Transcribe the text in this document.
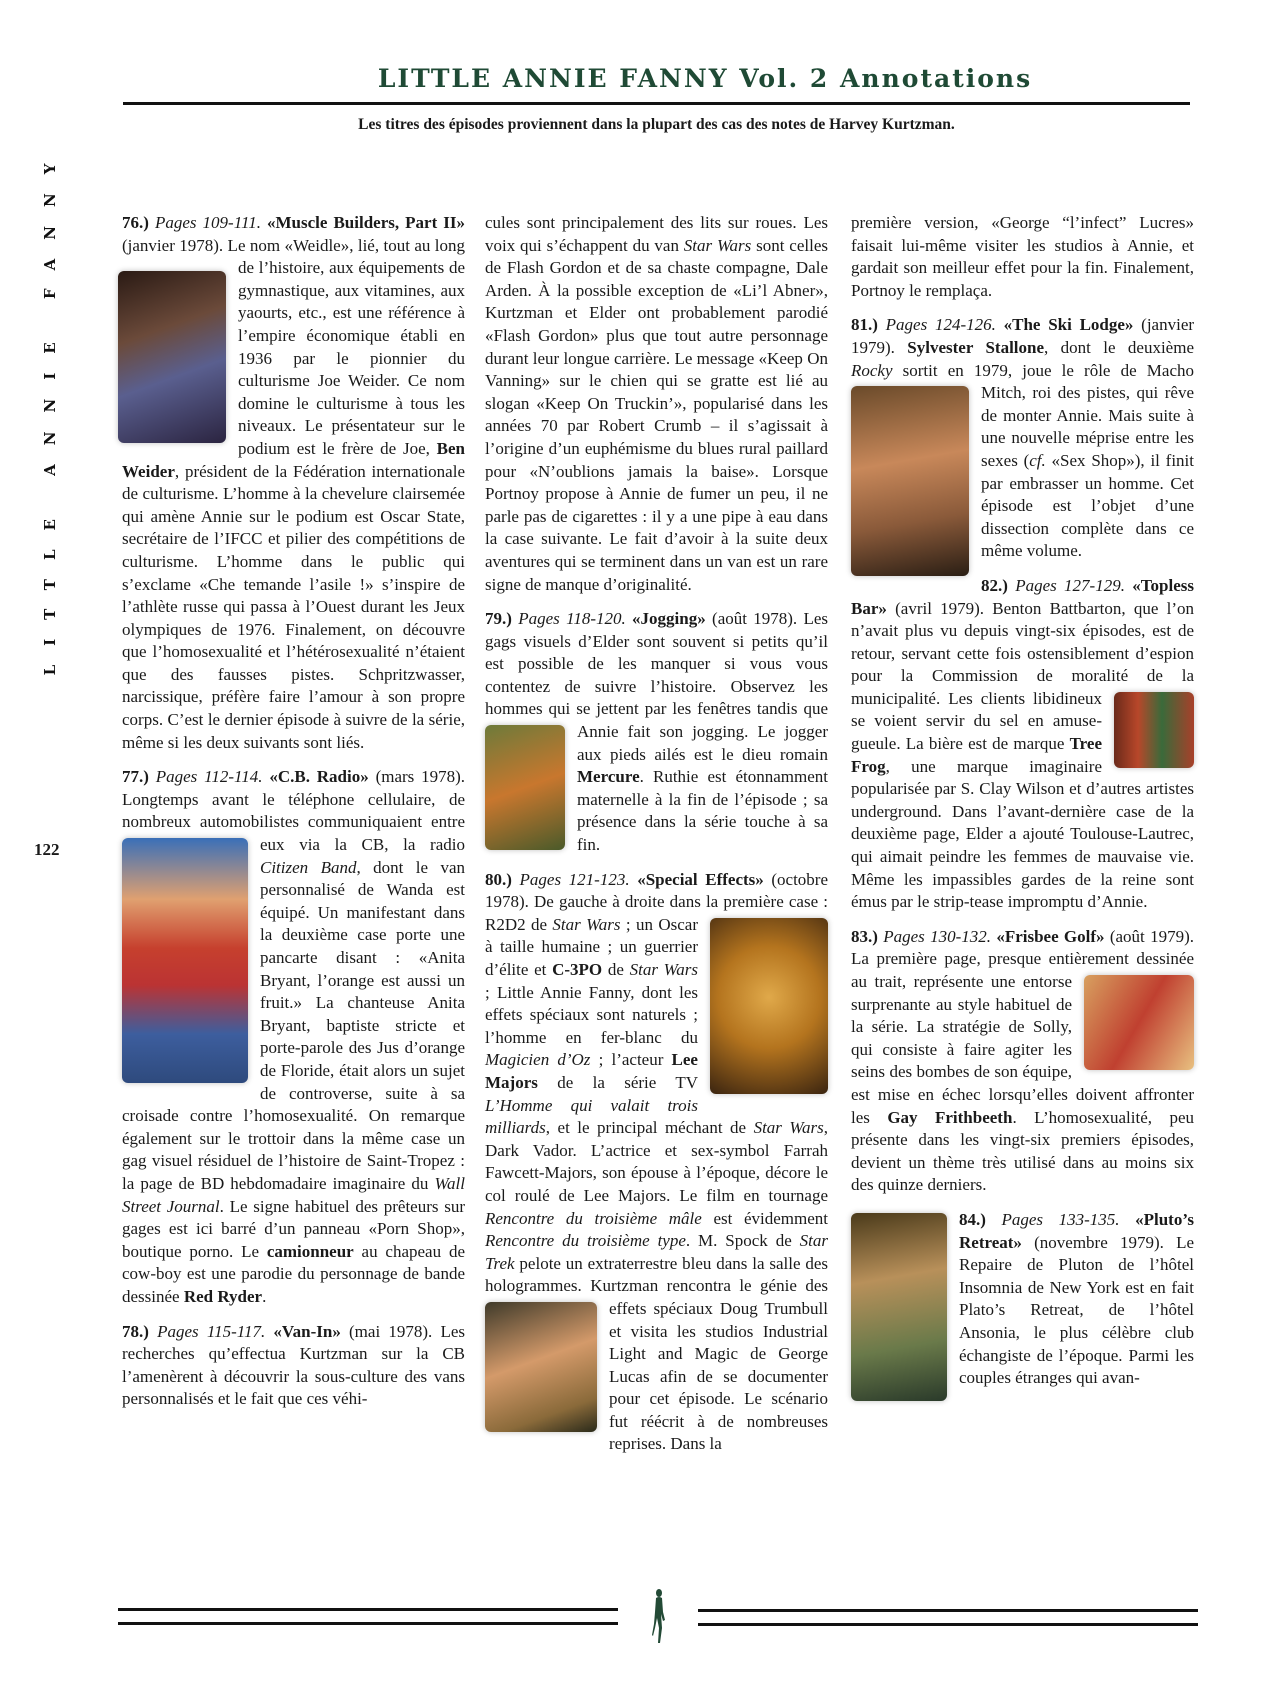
LITTLE ANNIE FANNY Vol. 2 Annotations
Les titres des épisodes proviennent dans la plupart des cas des notes de Harvey Kurtzman.
LITTLE ANNIE FANNY
122

76.) Pages 109-111. «Muscle Builders, Part II» (janvier 1978). Le nom «Weidle», lié,
tout au long de l’histoire, aux équipements de gymnastique, aux vitamines, aux yaourts, etc., est une référence à l’empire économique établi en 1936 par le pionnier du culturisme Joe Weider. Ce nom domine le culturisme à tous les niveaux. Le présentateur sur le podium est le frère de Joe, Ben Weider, président de la Fédération internationale de culturisme. L’homme à la chevelure clairsemée qui amène Annie sur le podium est Oscar State, secrétaire de l’IFCC et pilier des compétitions de culturisme. L’homme dans le public qui s’exclame «Che temande l’asile !» s’inspire de l’athlète russe qui passa à l’Ouest durant les Jeux olympiques de 1976. Finalement, on découvre que l’homosexualité et l’hétérosexualité n’étaient que des fausses pistes. Schpritzwasser, narcissique, préfère faire l’amour à son propre corps. C’est le dernier épisode à suivre de la série, même si les deux suivants sont liés.

77.) Pages 112-114. «C.B. Radio» (mars 1978). Longtemps avant le téléphone cellulaire, de nombreux automobilistes communi
quaient entre eux via la CB, la radio Citizen Band, dont le van personnalisé de Wanda est équipé. Un manifestant dans la deuxième case porte une pancarte disant : «Anita Bryant, l’orange est aussi un fruit.» La chanteuse Anita Bryant, baptiste stricte et porte-parole des Jus d’orange de Floride, était alors un sujet de controverse, suite à sa croisade contre l’homosexualité. On remarque également sur le trottoir dans la même case un gag visuel résiduel de l’histoire de Saint-Tropez : la page de BD hebdomadaire imaginaire du Wall Street Journal. Le signe habituel des prêteurs sur gages est ici barré d’un panneau «Porn Shop», boutique porno. Le camionneur au chapeau de cow-boy est une parodie du personnage de bande dessinée Red Ryder.

78.) Pages 115-117. «Van-In» (mai 1978). Les recherches qu’effectua Kurtzman sur la CB l’amenèrent à découvrir la sous-culture des vans personnalisés et le fait que ces véhi-

cules sont principalement des lits sur roues. Les voix qui s’échappent du van Star Wars sont celles de Flash Gordon et de sa chaste compagne, Dale Arden. À la possible exception de «Li’l Abner», Kurtzman et Elder ont probablement parodié «Flash Gordon» plus que tout autre personnage durant leur longue carrière. Le message «Keep On Vanning» sur le chien qui se gratte est lié au slogan «Keep On Truckin’», popularisé dans les années 70 par Robert Crumb – il s’agissait à l’origine d’un euphémisme du blues rural paillard pour «N’oublions jamais la baise». Lorsque Portnoy propose à Annie de fumer un peu, il ne parle pas de cigarettes : il y a une pipe à eau dans la case suivante. Le fait d’avoir à la suite deux aventures qui se terminent dans un van est un rare signe de manque d’originalité.

79.) Pages 118-120. «Jogging» (août 1978). Les gags visuels d’Elder sont souvent si petits qu’il est possible de les manquer si vous vous contentez de suivre l’histoire. Observez les hommes qui se jettent par les fenêtres tandis
que Annie fait son jogging. Le jogger aux pieds ailés est le dieu romain Mercure. Ruthie est étonnamment maternelle à la fin de l’épisode ; sa présence dans la série touche à sa fin.

80.) Pages 121-123. «Special Effects» (octobre 1978). De gauche à droite dans la pre
mière case : R2D2 de Star Wars ; un Oscar à taille humaine ; un guerrier d’élite et C-3PO de Star Wars ; Little Annie Fanny, dont les effets spéciaux sont naturels ; l’homme en fer-blanc du Magicien d’Oz ; l’acteur Lee Majors de la série TV L’Homme qui valait trois milliards, et le principal méchant de Star Wars, Dark Vador. L’actrice et sex-symbol Farrah Fawcett-Majors, son épouse à l’époque, décore le col roulé de Lee Majors. Le film en tournage Rencontre du troisième mâle est évidemment Rencontre du troisième type. M. Spock de Star Trek pelote un extraterrestre bleu dans la salle des hologrammes. Kurtzman rencontra le génie des effets spé
ciaux Doug Trumbull et visita les studios Industrial Light and Magic de George Lucas afin de se documenter pour cet épisode. Le scénario fut réécrit à de nombreuses reprises. Dans la

première version, «George “l’infect” Lucres» faisait lui-même visiter les studios à Annie, et gardait son meilleur effet pour la fin. Finalement, Portnoy le remplaça.

81.) Pages 124-126. «The Ski Lodge» (janvier 1979). Sylvester Stallone, dont le deuxième Rocky sortit en 1979, joue le rôle de
Macho Mitch, roi des pistes, qui rêve de monter Annie. Mais suite à une nouvelle méprise entre les sexes (cf. «Sex Shop»), il finit par embrasser un homme. Cet épisode est l’objet d’une dissection complète dans ce même volume.

82.) Pages 127-129. «Topless Bar» (avril 1979). Benton Battbarton, que l’on n’avait plus vu depuis vingt-six épisodes, est de retour, servant cette fois ostensiblement d’espion pour la Commission de moralité de la municipalité. Les clients libidi
neux se voient servir du sel en amuse-gueule. La bière est de marque Tree Frog, une marque imaginaire popularisée par S. Clay Wilson et d’autres artistes underground. Dans l’avant-dernière case de la deuxième page, Elder a ajouté Toulouse-Lautrec, qui aimait peindre les femmes de mauvaise vie. Même les impassibles gardes de la reine sont émus par le strip-tease impromptu d’Annie.

83.) Pages 130-132. «Frisbee Golf» (août 1979). La première page, presque entièrement
dessinée au trait, représente une entorse surprenante au style habituel de la série. La stratégie de Solly, qui consiste à faire agiter les seins des bombes de son équipe, est mise en échec lorsqu’elles doivent affronter les Gay Frithbeeth. L’homosexualité, peu présente dans les vingt-six premiers épisodes, devient un thème très utilisé dans au moins six des quinze derniers.

84.) Pages 133-135. «Pluto’s Retreat» (novembre 1979). Le Repaire de Pluton de l’hôtel Insomnia de New York est en fait Plato’s Retreat, de l’hôtel Ansonia, le plus célèbre club échangiste de l’époque. Parmi les couples étranges qui avan-
